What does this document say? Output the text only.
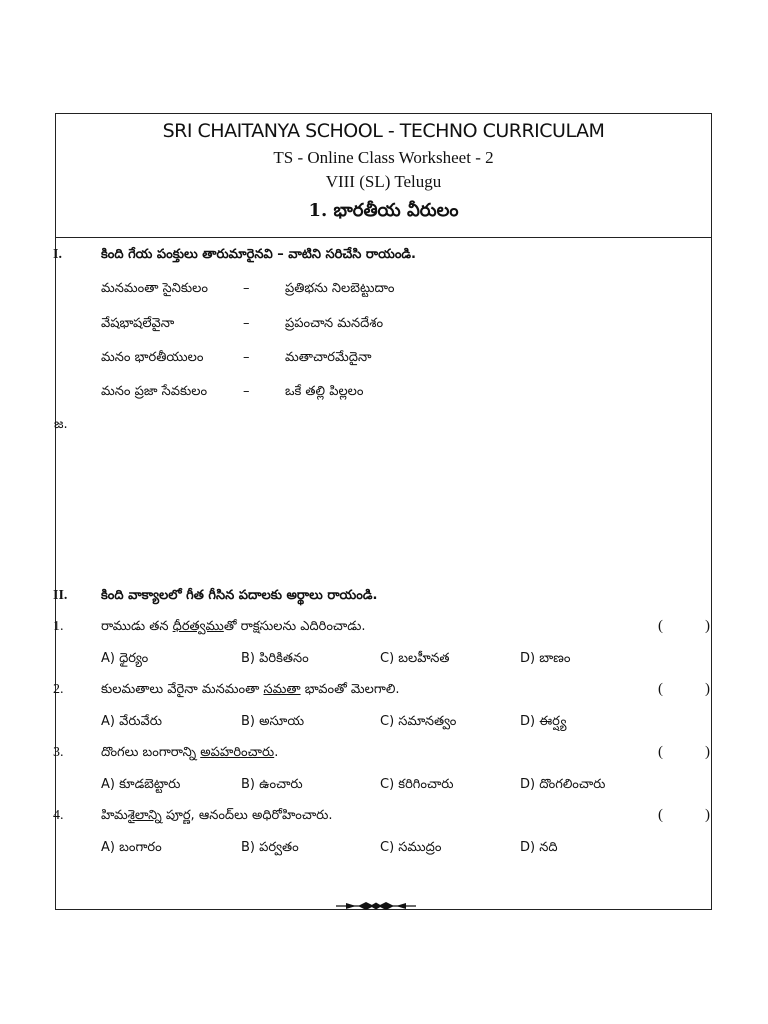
SRI CHAITANYA SCHOOL - TECHNO CURRICULAM
TS - Online Class Worksheet - 2
VIII (SL) Telugu
1. భారతీయ వీరులం
I.	కింది గేయ పంక్తులు తారుమారైనవి – వాటిని సరిచేసి రాయండి.
మనమంతా సైనికులం	–	ప్రతిభను నిలబెట్టుదాం
వేషభాషలేవైనా	–	ప్రపంచాన మనదేశం
మనం భారతీయులం	–	మతాచారమేదైనా
మనం ప్రజా సేవకులం	–	ఒకే తల్లి పిల్లలం
జ.
II.	కింది వాక్యాలలో గీత గీసిన పదాలకు అర్థాలు రాయండి.
1.	రాముడు తన ధీరత్వముతో రాక్షసులను ఎదిరించాడు.	(	)
A) ధైర్యం	B) పిరికితనం	C) బలహీనత	D) బాణం
2.	కులమతాలు వేరైనా మనమంతా సమతా భావంతో మెలగాలి.	(	)
A) వేరువేరు	B) అసూయ	C) సమానత్వం	D) ఈర్ష్య
3.	దొంగలు బంగారాన్ని అపహరించారు.	(	)
A) కూడబెట్టారు	B) ఉంచారు	C) కరిగించారు	D) దొంగలించారు
4.	హిమశైలాన్ని పూర్ణ, ఆనంద్‌లు అధిరోహించారు.	(	)
A) బంగారం	B) పర్వతం	C) సముద్రం	D) నది
